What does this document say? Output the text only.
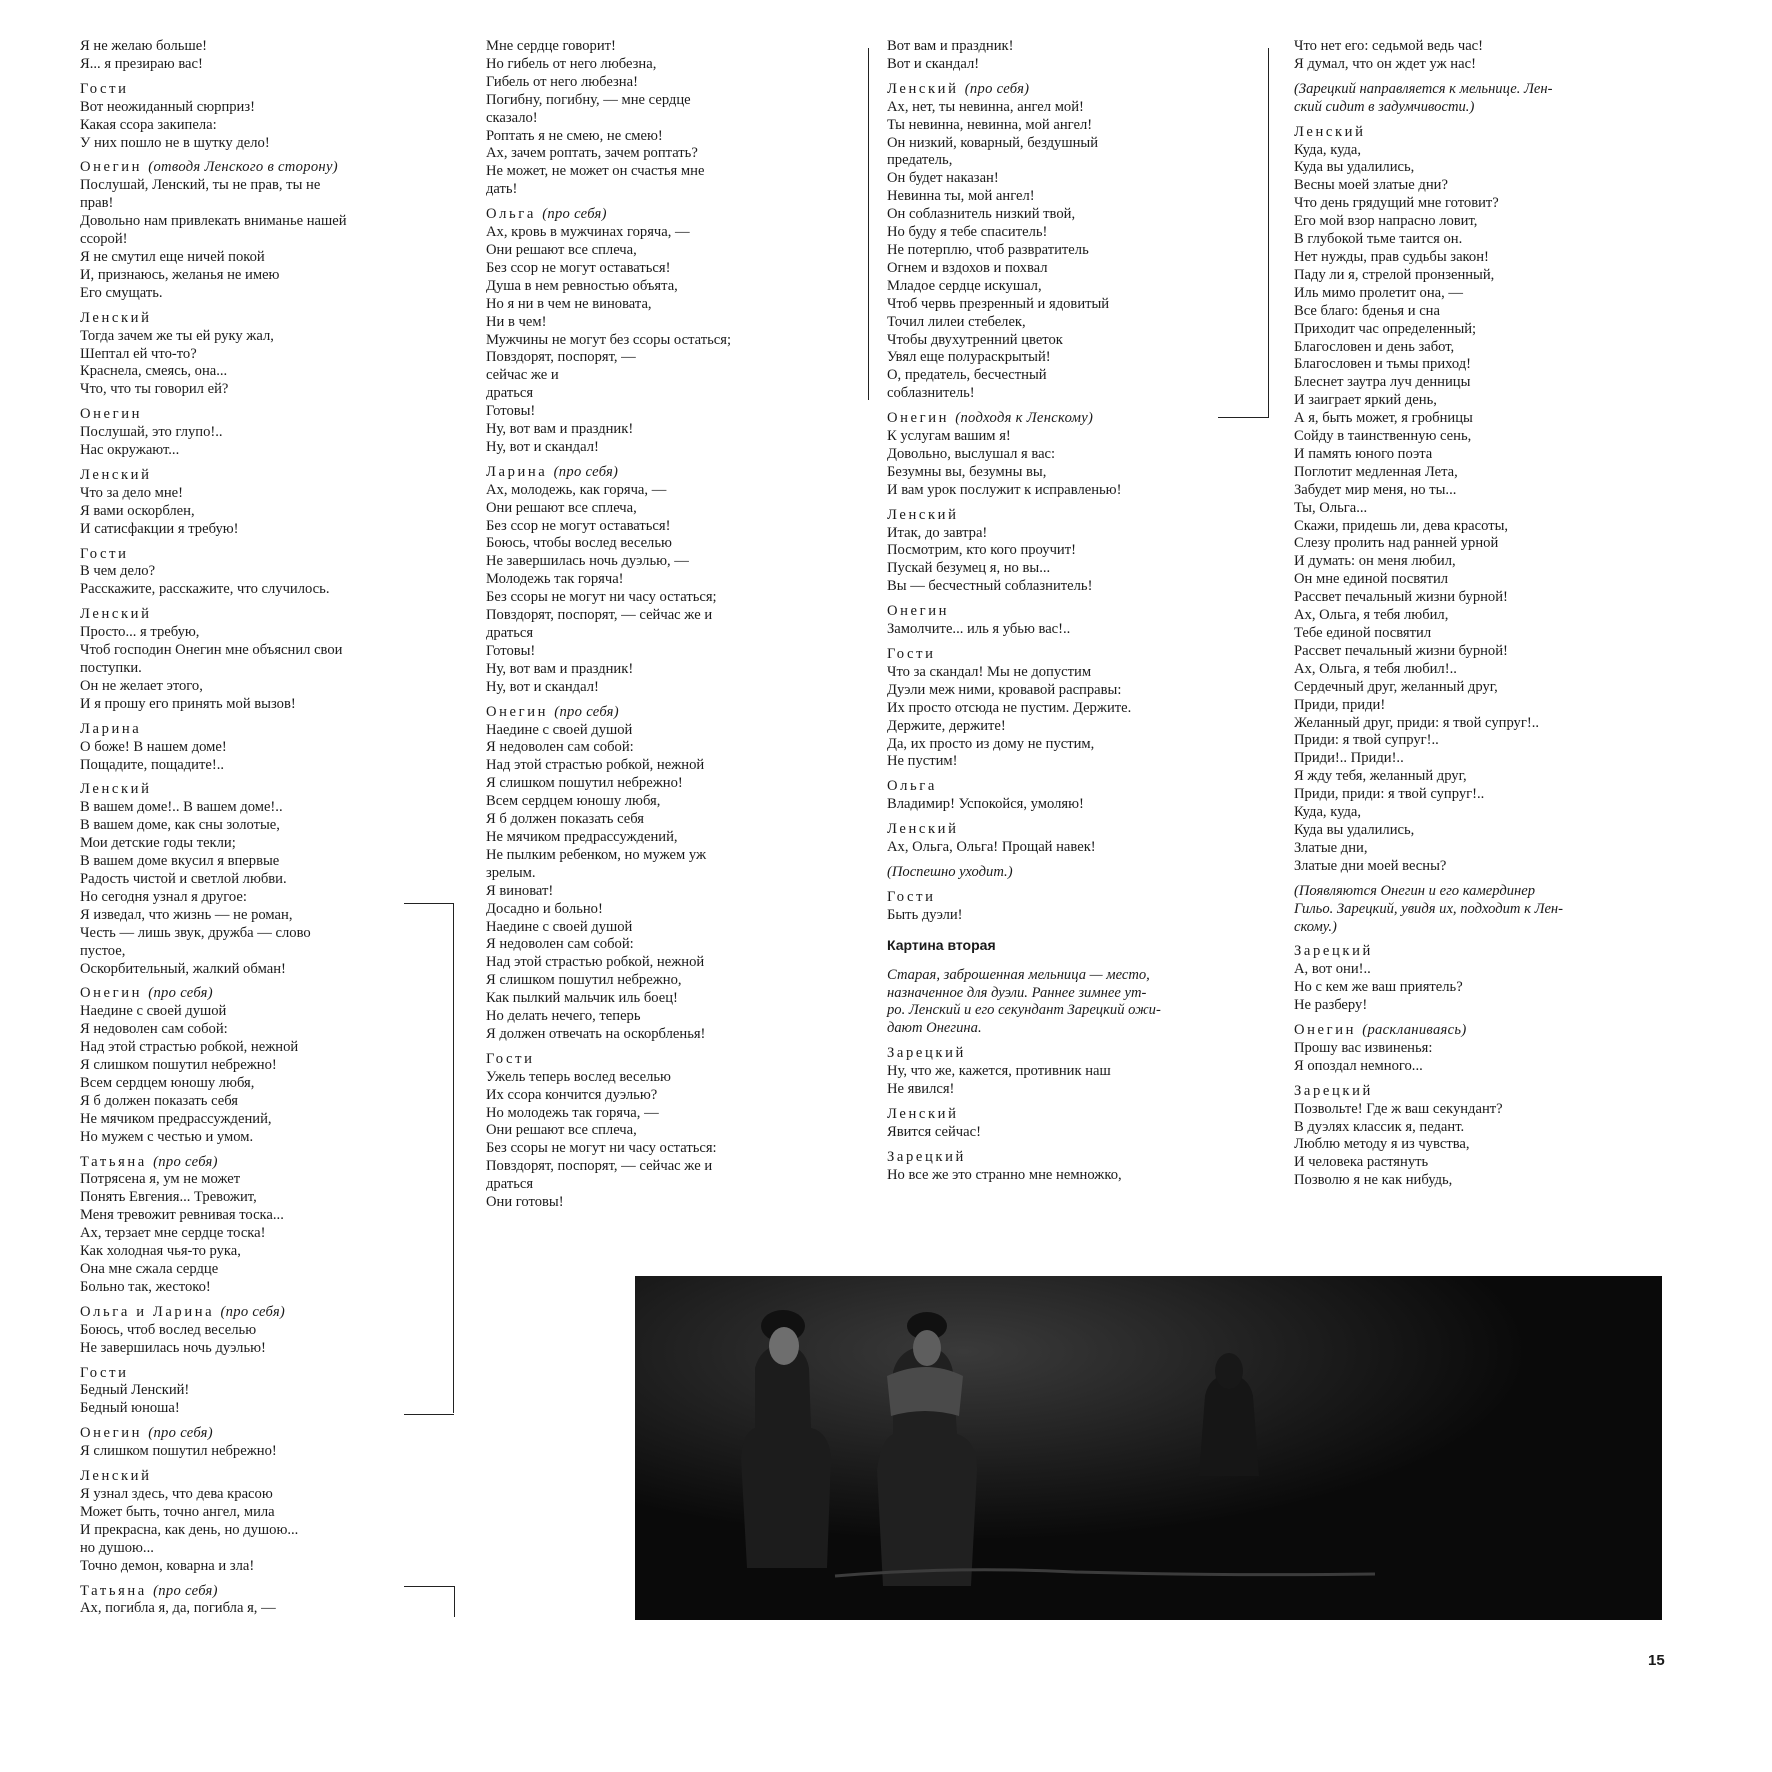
Я не желаю больше!
Я... я презираю вас!
Гости
Вот неожиданный сюрприз!
Какая ссора закипела:
У них пошло не в шутку дело!
Онегин (отводя Ленского в сторону)
Послушай, Ленский, ты не прав, ты не
прав!
Довольно нам привлекать вниманье нашей
ссорой!
Я не смутил еще ничей покой
И, признаюсь, желанья не имею
Его смущать.
Ленский
Тогда зачем же ты ей руку жал,
Шептал ей что-то?
Краснела, смеясь, она...
Что, что ты говорил ей?
Онегин
Послушай, это глупо!..
Нас окружают...
Ленский
Что за дело мне!
Я вами оскорблен,
И сатисфакции я требую!
Гости
В чем дело?
Расскажите, расскажите, что случилось.
Ленский
Просто... я требую,
Чтоб господин Онегин мне объяснил свои
поступки.
Он не желает этого,
И я прошу его принять мой вызов!
Ларина
О боже! В нашем доме!
Пощадите, пощадите!..
Ленский
В вашем доме!.. В вашем доме!..
В вашем доме, как сны золотые,
Мои детские годы текли;
В вашем доме вкусил я впервые
Радость чистой и светлой любви.
Но сегодня узнал я другое:
Я изведал, что жизнь — не роман,
Честь — лишь звук, дружба — слово
пустое,
Оскорбительный, жалкий обман!
Онегин (про себя)
Наедине с своей душой
Я недоволен сам собой:
Над этой страстью робкой, нежной
Я слишком пошутил небрежно!
Всем сердцем юношу любя,
Я б должен показать себя
Не мячиком предрассуждений,
Но мужем с честью и умом.
Татьяна (про себя)
Потрясена я, ум не может
Понять Евгения... Тревожит,
Меня тревожит ревнивая тоска...
Ах, терзает мне сердце тоска!
Как холодная чья-то рука,
Она мне сжала сердце
Больно так, жестоко!
Ольга и Ларина (про себя)
Боюсь, чтоб вослед веселью
Не завершилась ночь дуэлью!
Гости
Бедный Ленский!
Бедный юноша!
Онегин (про себя)
Я слишком пошутил небрежно!
Ленский
Я узнал здесь, что дева красою
Может быть, точно ангел, мила
И прекрасна, как день, но душою...
но душою...
Точно демон, коварна и зла!
Татьяна (про себя)
Ах, погибла я, да, погибла я, —
Мне сердце говорит!
Но гибель от него любезна,
Гибель от него любезна!
Погибну, погибну, — мне сердце
сказало!
Роптать я не смею, не смею!
Ах, зачем роптать, зачем роптать?
Не может, не может он счастья мне
дать!
Ольга (про себя)
Ах, кровь в мужчинах горяча, —
Они решают все сплеча,
Без ссор не могут оставаться!
Душа в нем ревностью объята,
Но я ни в чем не виновата,
Ни в чем!
Мужчины не могут без ссоры остаться;
Повздорят, поспорят, —
сейчас же и
драться
Готовы!
Ну, вот вам и праздник!
Ну, вот и скандал!
Ларина (про себя)
Ах, молодежь, как горяча, —
Они решают все сплеча,
Без ссор не могут оставаться!
Боюсь, чтобы вослед веселью
Не завершилась ночь дуэлью, —
Молодежь так горяча!
Без ссоры не могут ни часу остаться;
Повздорят, поспорят, — сейчас же и
драться
Готовы!
Ну, вот вам и праздник!
Ну, вот и скандал!
Онегин (про себя)
Наедине с своей душой
Я недоволен сам собой:
Над этой страстью робкой, нежной
Я слишком пошутил небрежно!
Всем сердцем юношу любя,
Я б должен показать себя
Не мячиком предрассуждений,
Не пылким ребенком, но мужем уж
зрелым.
Я виноват!
Досадно и больно!
Наедине с своей душой
Я недоволен сам собой:
Над этой страстью робкой, нежной
Я слишком пошутил небрежно,
Как пылкий мальчик иль боец!
Но делать нечего, теперь
Я должен отвечать на оскорбленья!
Гости
Ужель теперь вослед веселью
Их ссора кончится дуэлью?
Но молодежь так горяча, —
Они решают все сплеча,
Без ссоры не могут ни часу остаться:
Повздорят, поспорят, — сейчас же и
драться
Они готовы!
Вот вам и праздник!
Вот и скандал!
Ленский (про себя)
Ах, нет, ты невинна, ангел мой!
Ты невинна, невинна, мой ангел!
Он низкий, коварный, бездушный
предатель,
Он будет наказан!
Невинна ты, мой ангел!
Он соблазнитель низкий твой,
Но буду я тебе спаситель!
Не потерплю, чтоб развратитель
Огнем и вздохов и похвал
Младое сердце искушал,
Чтоб червь презренный и ядовитый
Точил лилеи стебелек,
Чтобы двухутренний цветок
Увял еще полураскрытый!
О, предатель, бесчестный
соблазнитель!
Онегин (подходя к Ленскому)
К услугам вашим я!
Довольно, выслушал я вас:
Безумны вы, безумны вы,
И вам урок послужит к исправленью!
Ленский
Итак, до завтра!
Посмотрим, кто кого проучит!
Пускай безумец я, но вы...
Вы — бесчестный соблазнитель!
Онегин
Замолчите... иль я убью вас!..
Гости
Что за скандал! Мы не допустим
Дуэли меж ними, кровавой расправы:
Их просто отсюда не пустим. Держите.
Держите, держите!
Да, их просто из дому не пустим,
Не пустим!
Ольга
Владимир! Успокойся, умоляю!
Ленский
Ах, Ольга, Ольга! Прощай навек!
(Поспешно уходит.)
Гости
Быть дуэли!
Картина вторая
Старая, заброшенная мельница — место,
назначенное для дуэли. Раннее зимнее ут-
ро. Ленский и его секундант Зарецкий ожи-
дают Онегина.
Зарецкий
Ну, что же, кажется, противник наш
Не явился!
Ленский
Явится сейчас!
Зарецкий
Но все же это странно мне немножко,
Что нет его: седьмой ведь час!
Я думал, что он ждет уж нас!
(Зарецкий направляется к мельнице. Лен-
ский сидит в задумчивости.)
Ленский
Куда, куда,
Куда вы удалились,
Весны моей златые дни?
Что день грядущий мне готовит?
Его мой взор напрасно ловит,
В глубокой тьме таится он.
Нет нужды, прав судьбы закон!
Паду ли я, стрелой пронзенный,
Иль мимо пролетит она, —
Все благо: бденья и сна
Приходит час определенный;
Благословен и день забот,
Благословен и тьмы приход!
Блеснет заутра луч денницы
И заиграет яркий день,
А я, быть может, я гробницы
Сойду в таинственную сень,
И память юного поэта
Поглотит медленная Лета,
Забудет мир меня, но ты...
Ты, Ольга...
Скажи, придешь ли, дева красоты,
Слезу пролить над ранней урной
И думать: он меня любил,
Он мне единой посвятил
Рассвет печальный жизни бурной!
Ах, Ольга, я тебя любил,
Тебе единой посвятил
Рассвет печальный жизни бурной!
Ах, Ольга, я тебя любил!..
Сердечный друг, желанный друг,
Приди, приди!
Желанный друг, приди: я твой супруг!..
Приди: я твой супруг!..
Приди!.. Приди!..
Я жду тебя, желанный друг,
Приди, приди: я твой супруг!..
Куда, куда,
Куда вы удалились,
Златые дни,
Златые дни моей весны?
(Появляются Онегин и его камердинер
Гильо. Зарецкий, увидя их, подходит к Лен-
скому.)
Зарецкий
А, вот они!..
Но с кем же ваш приятель?
Не разберу!
Онегин (раскланиваясь)
Прошу вас извиненья:
Я опоздал немного...
Зарецкий
Позвольте! Где ж ваш секундант?
В дуэлях классик я, педант.
Люблю методу я из чувства,
И человека растянуть
Позволю я не как нибудь,
15
